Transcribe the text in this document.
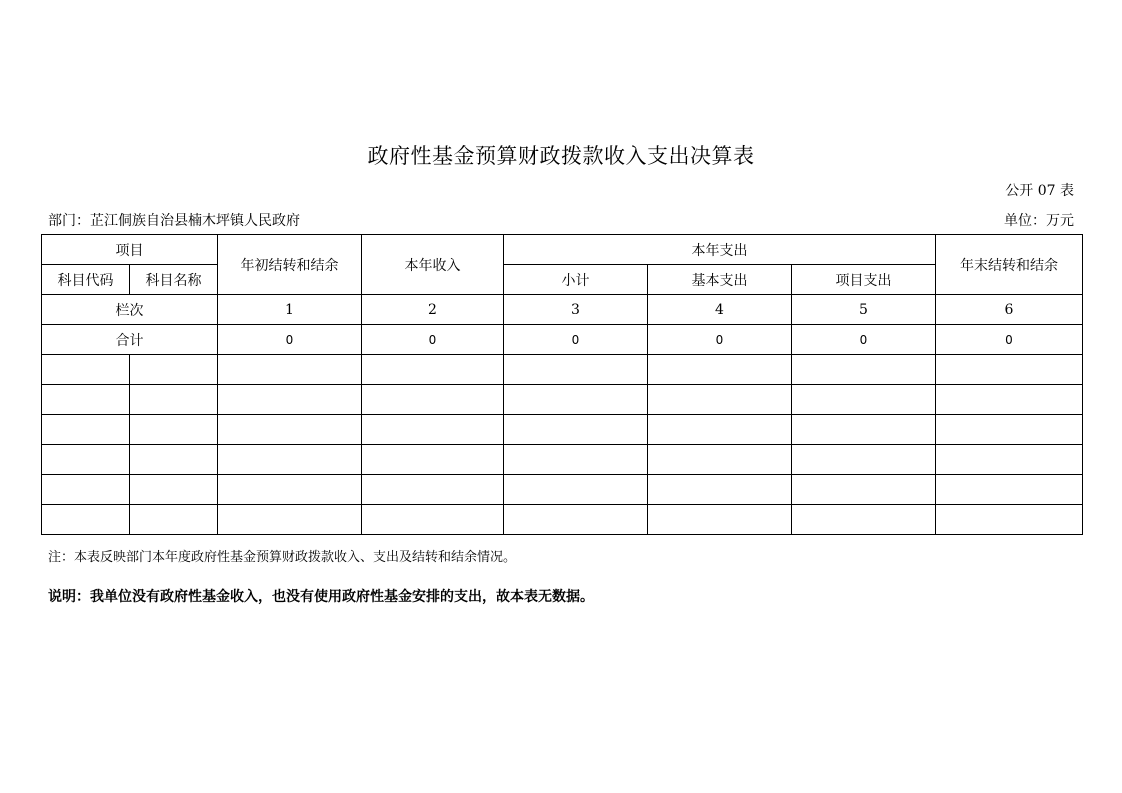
政府性基金预算财政拨款收入支出决算表
公开 07 表
部门：芷江侗族自治县楠木坪镇人民政府	单位：万元
项目		年初结转和结余	本年收入	本年支出			年末结转和结余
科目代码	科目名称			小计	基本支出	项目支出	
栏次		1	2	3	4	5	6
合计		0	0	0	0	0	0

注：本表反映部门本年度政府性基金预算财政拨款收入、支出及结转和结余情况。
说明：我单位没有政府性基金收入，也没有使用政府性基金安排的支出，故本表无数据。
